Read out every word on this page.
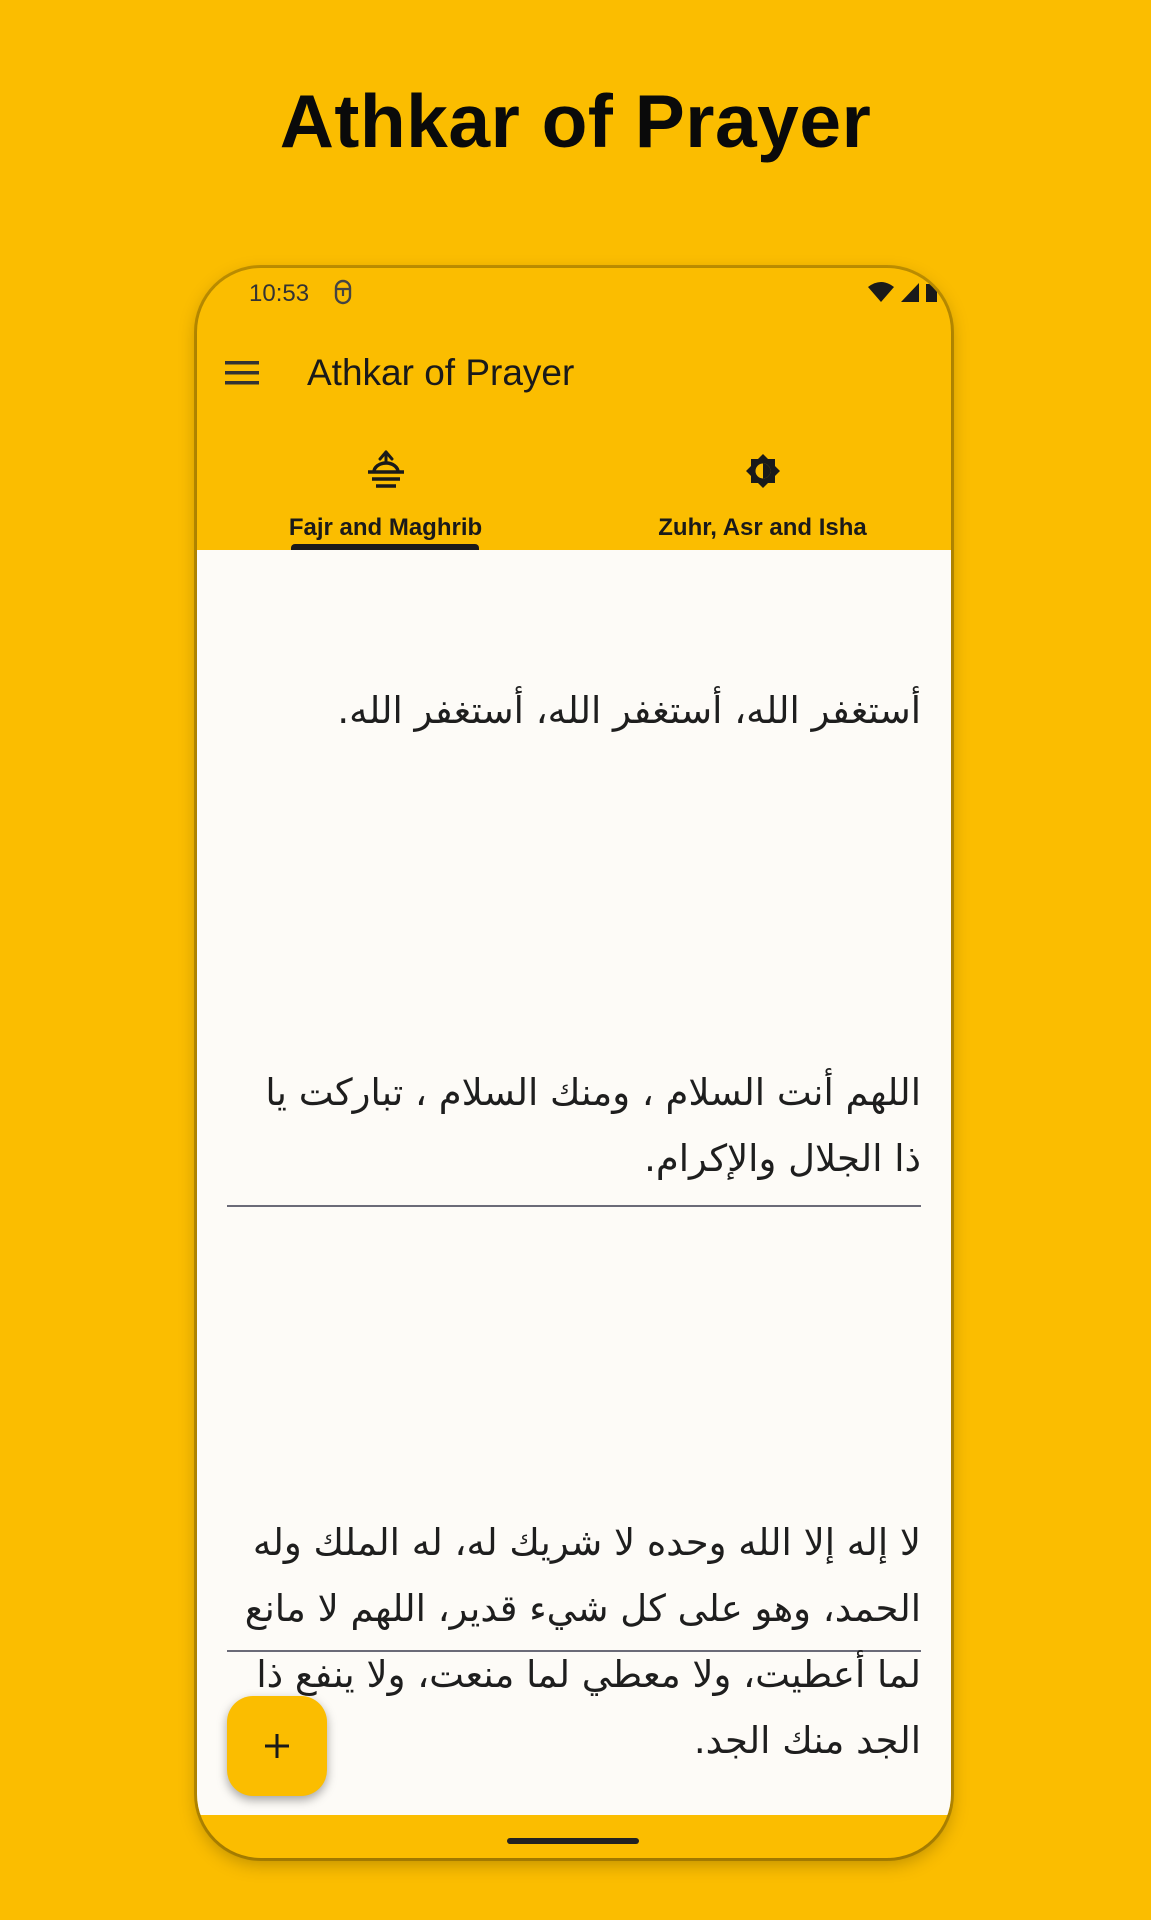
Athkar of Prayer
10:53
Athkar of Prayer
Fajr and Maghrib	Zuhr, Asr and Isha
أستغفر الله، أستغفر الله، أستغفر الله.
اللهم أنت السلام ، ومنك السلام ، تباركت يا ذا الجلال والإكرام.
لا إله إلا الله وحده لا شريك له، له الملك وله الحمد، وهو على كل شيء قدير، اللهم لا مانع لما أعطيت، ولا معطي لما منعت، ولا ينفع ذا الجد منك الجد.
